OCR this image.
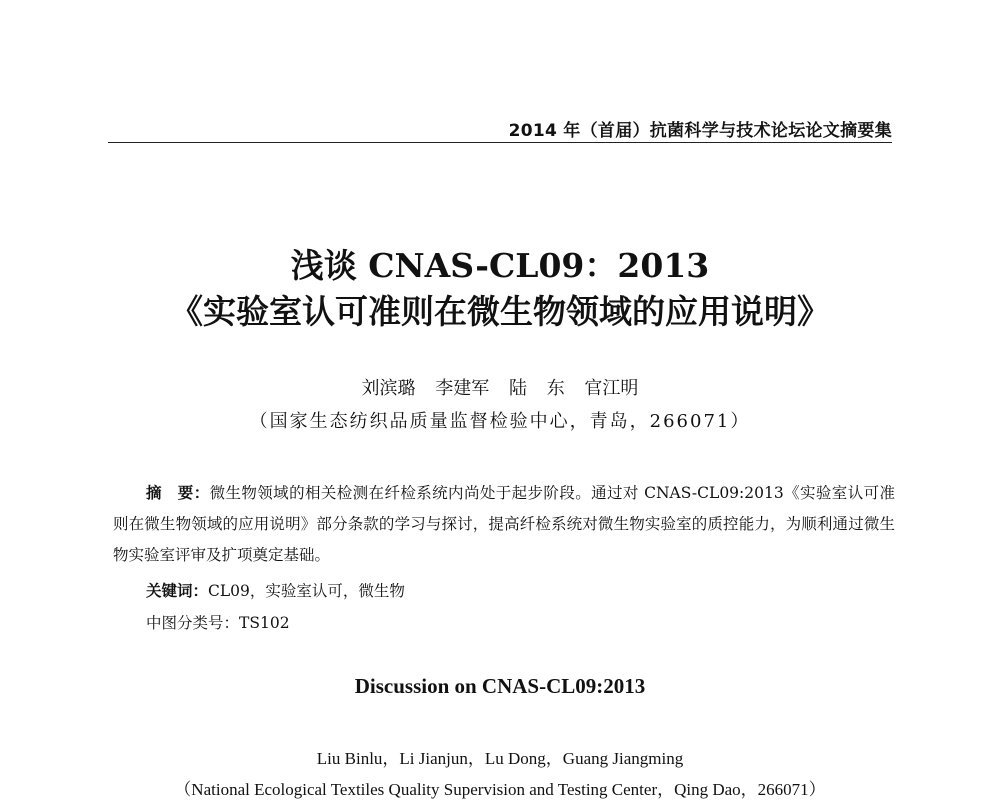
2014 年（首届）抗菌科学与技术论坛论文摘要集
浅谈 CNAS-CL09：2013
《实验室认可准则在微生物领域的应用说明》
刘滨璐 李建军 陆 东 官江明
（国家生态纺织品质量监督检验中心，青岛，266071）
摘　要：微生物领域的相关检测在纤检系统内尚处于起步阶段。通过对 CNAS-CL09:2013《实验室认可准则在微生物领域的应用说明》部分条款的学习与探讨，提高纤检系统对微生物实验室的质控能力，为顺利通过微生物实验室评审及扩项奠定基础。
关键词：CL09，实验室认可，微生物
中图分类号：TS102
Discussion on CNAS-CL09:2013
Liu Binlu，Li Jianjun，Lu Dong，Guang Jiangming
（National Ecological Textiles Quality Supervision and Testing Center，Qing Dao，266071）
